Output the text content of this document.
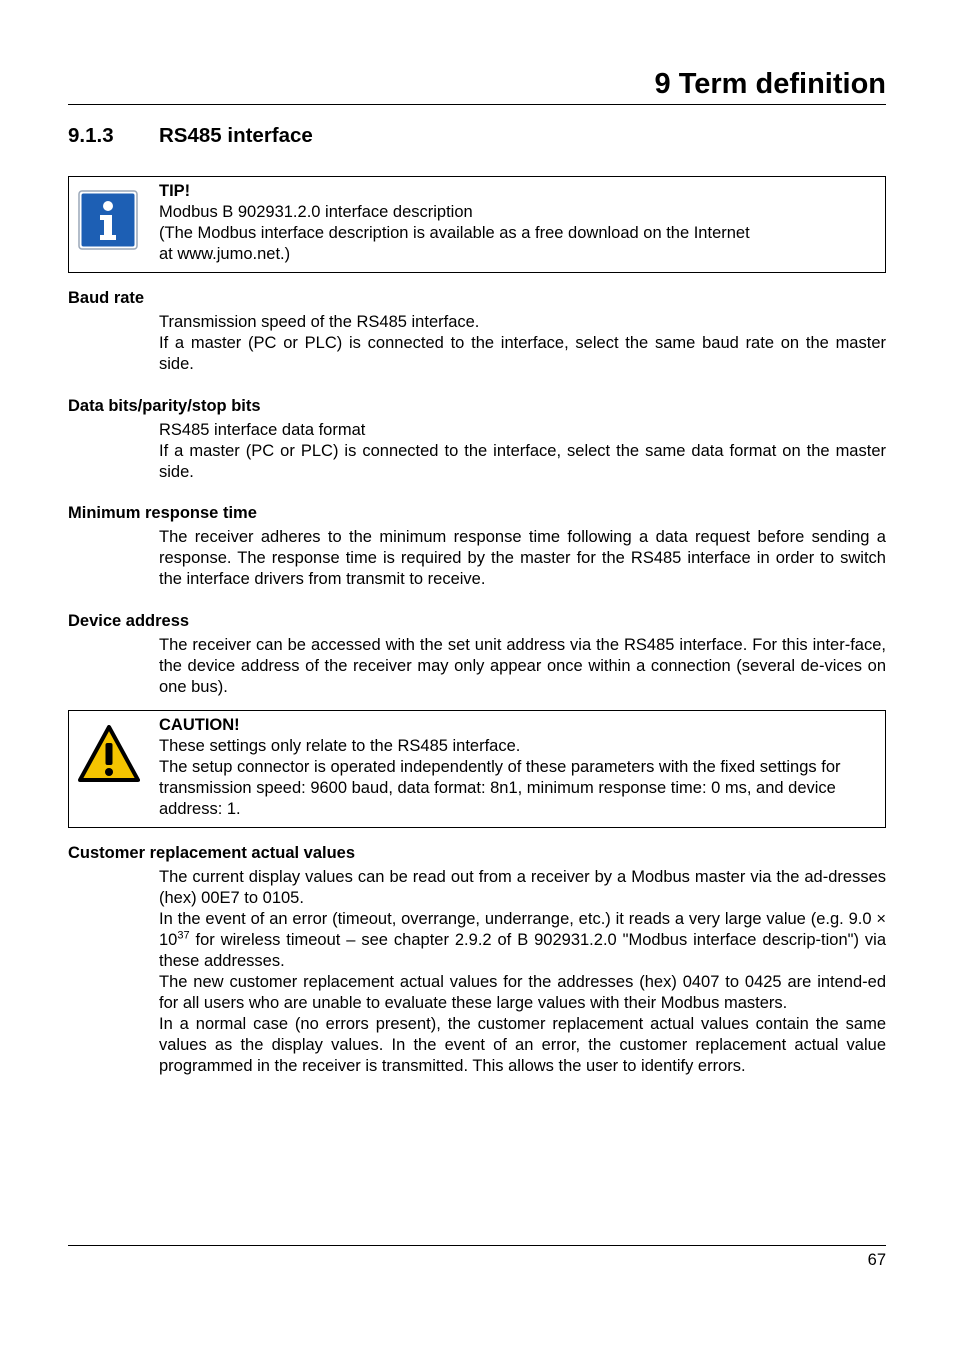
9 Term definition
9.1.3 RS485 interface
TIP!
Modbus B 902931.2.0 interface description
(The Modbus interface description is available as a free download on the Internet
at www.jumo.net.)
Baud rate

Transmission speed of the RS485 interface.

If a master (PC or PLC) is connected to the interface, select the same baud rate on the master side.

Data bits/parity/stop bits

RS485 interface data format

If a master (PC or PLC) is connected to the interface, select the same data format on the master side.

Minimum response time

The receiver adheres to the minimum response time following a data request before sending a response. The response time is required by the master for the RS485 interface in order to switch the interface drivers from transmit to receive.

Device address

The receiver can be accessed with the set unit address via the RS485 interface. For this inter-face, the device address of the receiver may only appear once within a connection (several de-vices on one bus).

CAUTION!
These settings only relate to the RS485 interface.
The setup connector is operated independently of these parameters with the fixed settings for transmission speed: 9600 baud, data format: 8n1, minimum response time: 0 ms, and device address: 1.
Customer replacement actual values

The current display values can be read out from a receiver by a Modbus master via the ad-dresses (hex) 00E7 to 0105.

In the event of an error (timeout, overrange, underrange, etc.) it reads a very large value (e.g. $9.0 \times 10^{37}$ for wireless timeout – see chapter 2.9.2 of B 902931.2.0 "Modbus interface descrip-tion") via these addresses.

The new customer replacement actual values for the addresses (hex) 0407 to 0425 are intend-ed for all users who are unable to evaluate these large values with their Modbus masters.

In a normal case (no errors present), the customer replacement actual values contain the same values as the display values. In the event of an error, the customer replacement actual value programmed in the receiver is transmitted. This allows the user to identify errors.

67
